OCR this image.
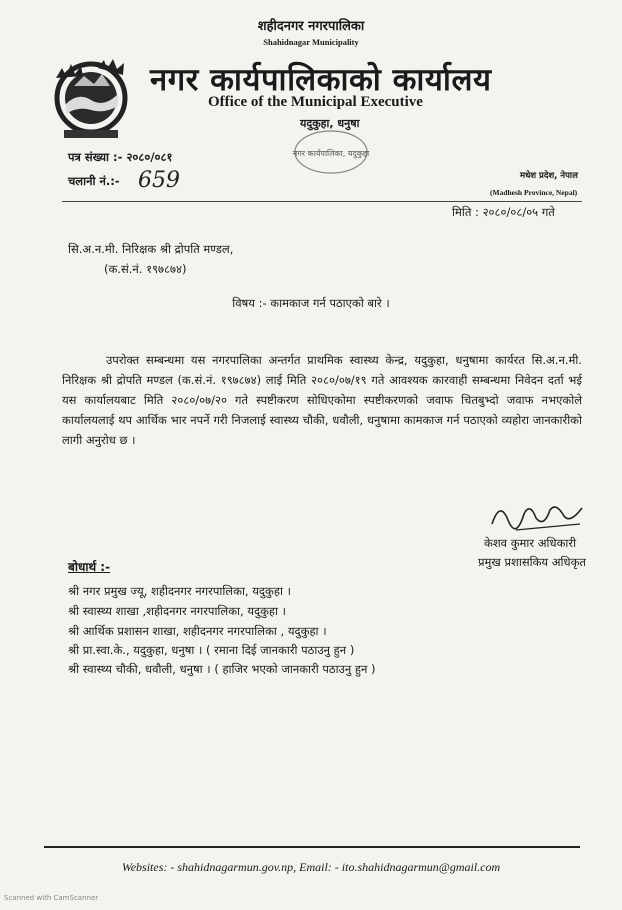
शहीदनगर नगरपालिका
Shahidnagar Municipality
नगर कार्यपालिकाको कार्यालय
Office of the Municipal Executive
यदुकुहा, धनुषा
नगर कार्यपालिका, यदुकुहा
पत्र संख्या :- २०८०/०८१
चलानी नं.:- 659	मधेश प्रदेश, नेपाल
(Madhesh Province, Nepal)
मिति : २०८०/०८/०५ गते
सि.अ.न.मी. निरिक्षक श्री द्रोपति मण्डल,
(क.सं.नं. १९७८७४)
विषय :- कामकाज गर्न पठाएको बारे ।
उपरोक्त सम्बन्धमा यस नगरपालिका अन्तर्गत प्राथमिक स्वास्थ्य केन्द्र, यदुकुहा, धनुषामा कार्यरत सि.अ.न.मी. निरिक्षक श्री द्रोपति मण्डल (क.सं.नं. १९७८७४) लाई मिति २०८०/०७/१९ गते आवश्यक कारवाही सम्बन्धमा निवेदन दर्ता भई यस कार्यालयबाट मिति २०८०/०७/२० गते स्पष्टीकरण सोधिएकोमा स्पष्टीकरणको जवाफ चितबुभ्दो जवाफ नभएकोले कार्यालयलाई थप आर्थिक भार नपर्ने गरी निजलाई स्वास्थ्य चौकी, धवौली, धनुषामा कामकाज गर्न पठाएको व्यहोरा जानकारीको लागी अनुरोध छ ।
केशव कुमार अधिकारी
प्रमुख प्रशासकिय अधिकृत
बोधार्थ :-
श्री नगर प्रमुख ज्यू, शहीदनगर नगरपालिका, यदुकुहा ।
श्री स्वास्थ्य शाखा ,शहीदनगर नगरपालिका, यदुकुहा ।
श्री आर्थिक प्रशासन शाखा, शहीदनगर नगरपालिका , यदुकुहा ।
श्री प्रा.स्वा.के., यदुकुहा, धनुषा । ( रमाना दिई जानकारी पठाउनु हुन )
श्री स्वास्थ्य चौकी, धवौली, धनुषा । ( हाजिर भएको जानकारी पठाउनु हुन )
Websites: - shahidnagarmun.gov.np, Email: - ito.shahidnagarmun@gmail.com
Scanned with CamScanner
